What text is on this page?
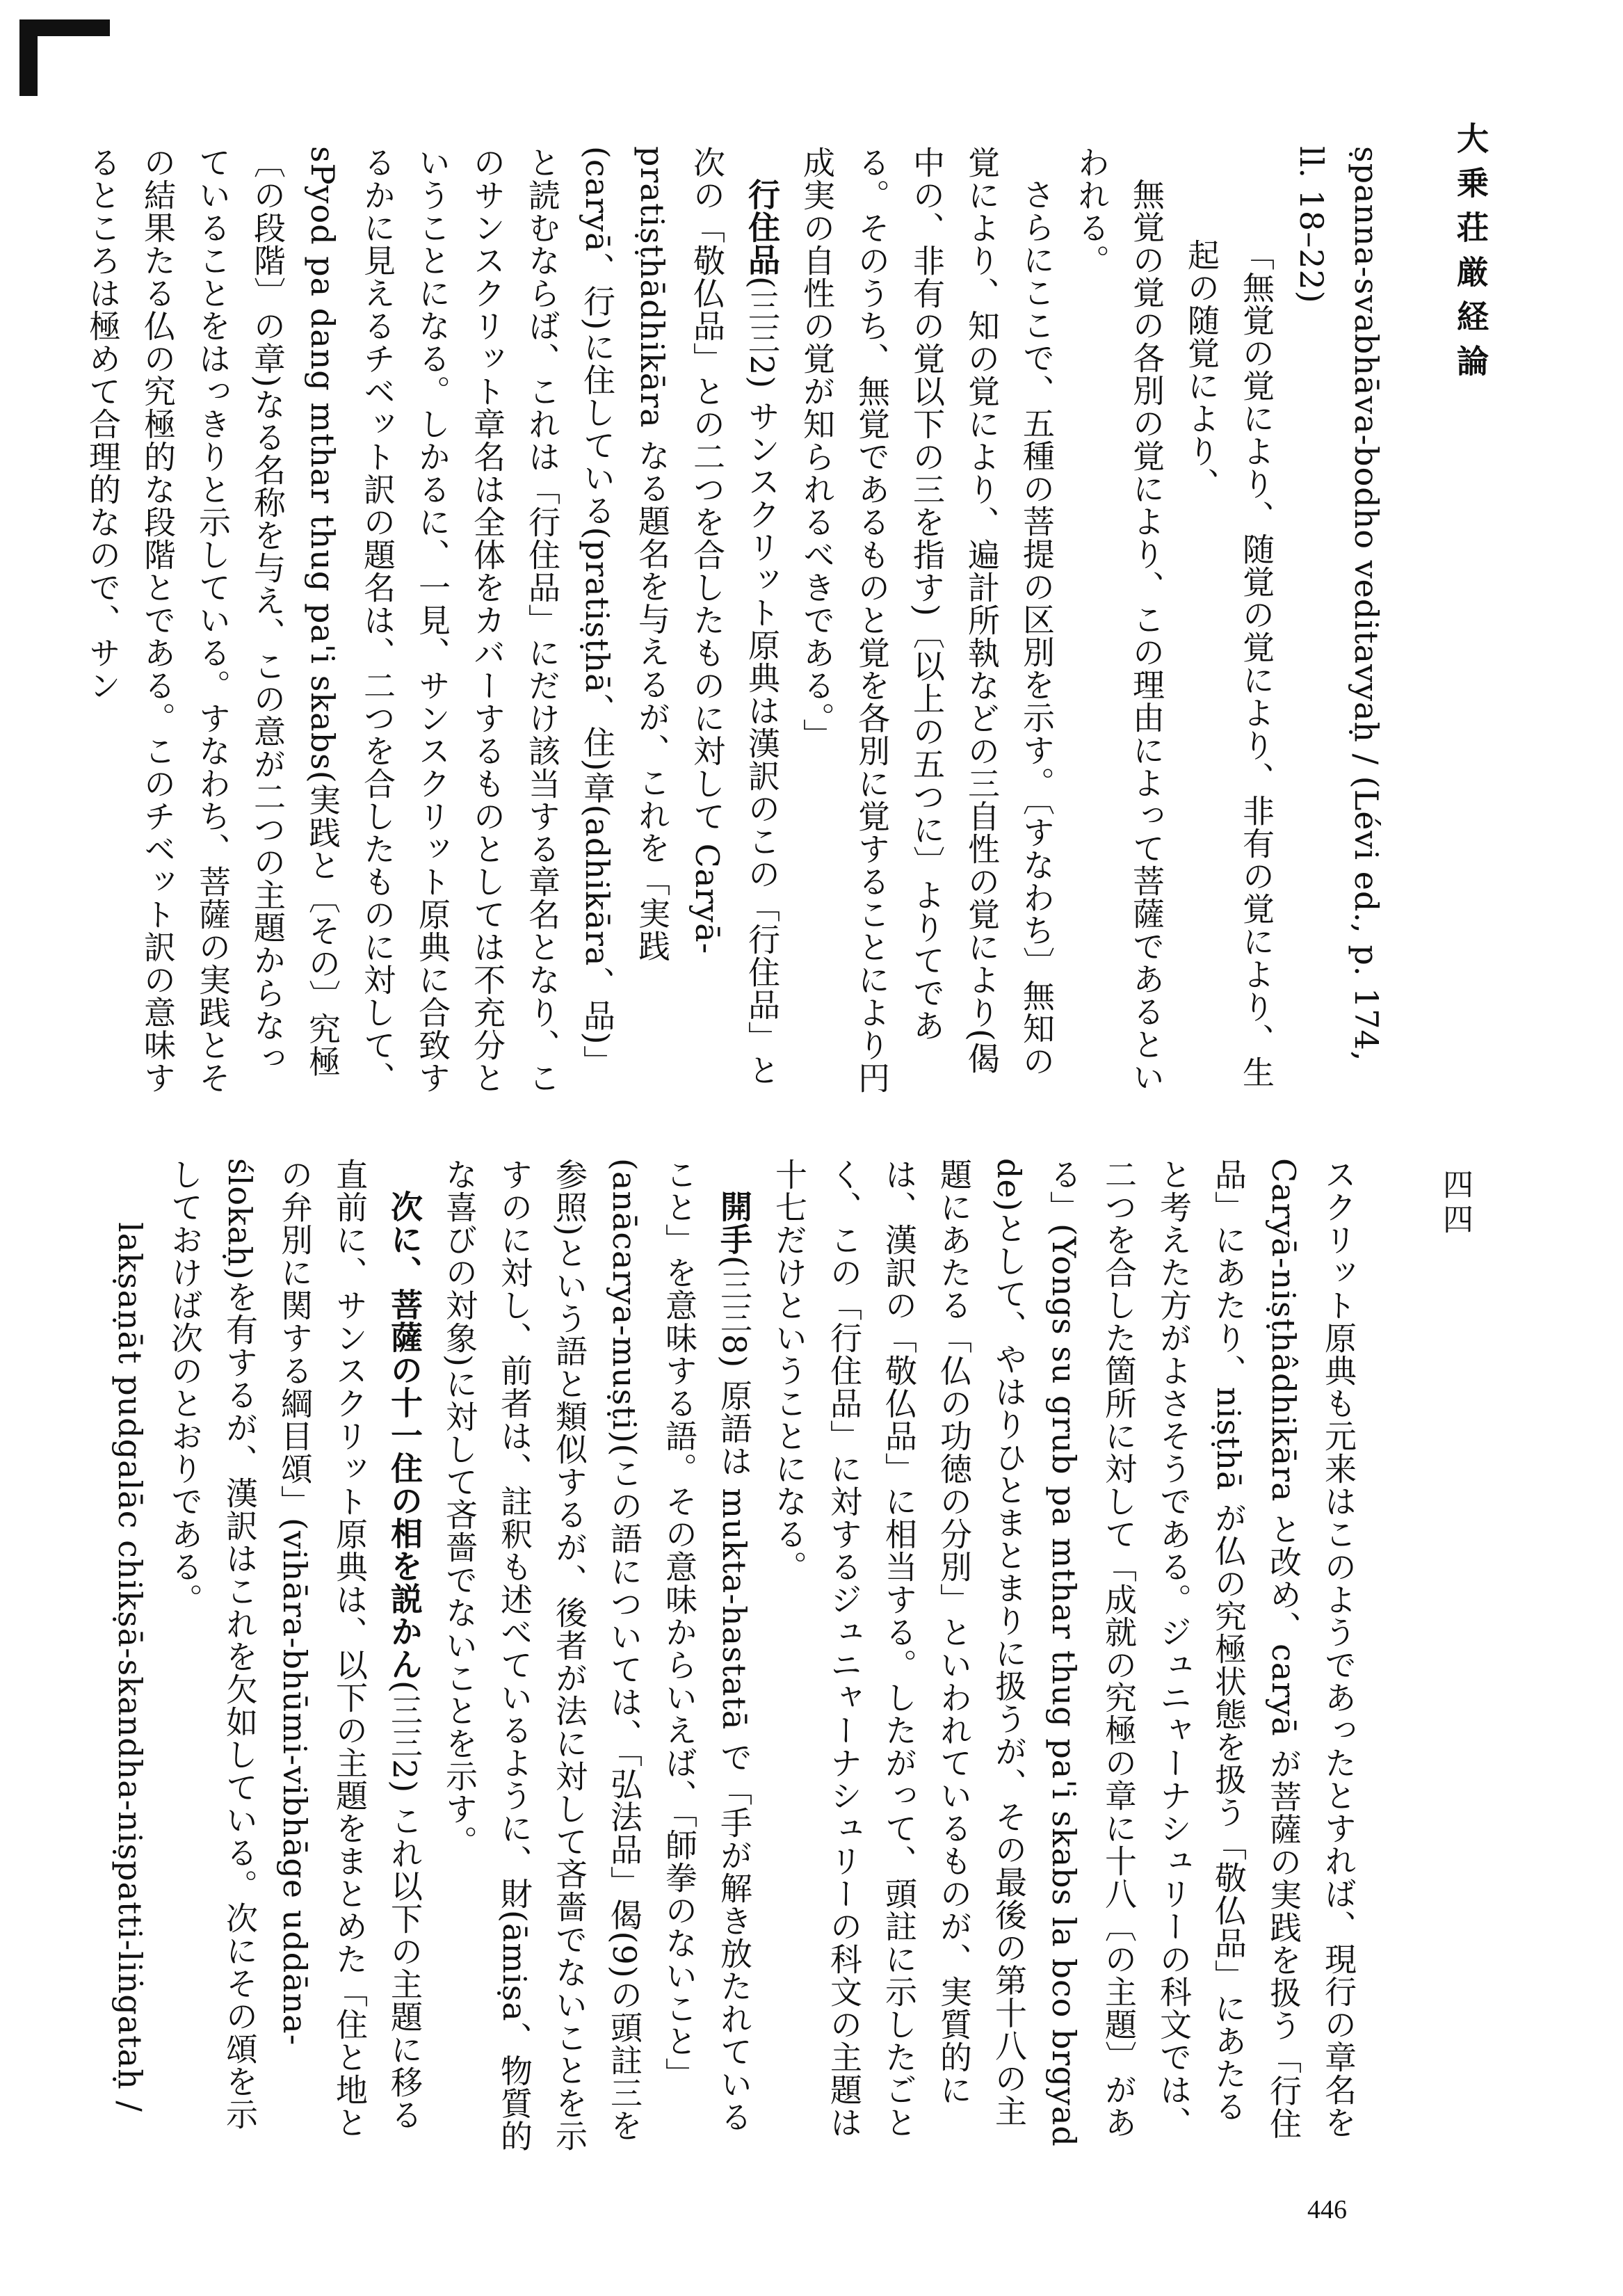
大乗荘厳経論
四四
446

ṣpanna-svabhāva-bodho veditavyaḥ / (Lévi ed., p. 174, ll. 18–22)

「無覚の覚により、随覚の覚により、非有の覚により、生起の随覚により、

無覚の覚の各別の覚により、この理由によって菩薩であるといわれる。

さらにここで、五種の菩提の区別を示す。〔すなわち〕無知の覚により、知の覚により、遍計所執などの三自性の覚により(偈中の、非有の覚以下の三を指す)〔以上の五つに〕よりてである。そのうち、無覚であるものと覚を各別に覚することにより円成実の自性の覚が知られるべきである。」

行住品(三三2) サンスクリット原典は漢訳のこの「行住品」と次の「敬仏品」との二つを合したものに対して Caryā-pratiṣṭhādhikāra なる題名を与えるが、これを「実践(caryā、行)に住している(pratiṣṭhā、住)章(adhikāra、品)」と読むならば、これは「行住品」にだけ該当する章名となり、このサンスクリット章名は全体をカバーするものとしては不充分ということになる。しかるに、一見、サンスクリット原典に合致するかに見えるチベット訳の題名は、二つを合したものに対して、sPyod pa dang mthar thug pa'i skabs(実践と〔その〕究極〔の段階〕の章)なる名称を与え、この意が二つの主題からなっていることをはっきりと示している。すなわち、菩薩の実践とその結果たる仏の究極的な段階とである。このチベット訳の意味するところは極めて合理的なので、サン

スクリット原典も元来はこのようであったとすれば、現行の章名を Caryā-niṣṭhâdhikāra と改め、caryā が菩薩の実践を扱う「行住品」にあたり、niṣṭhā が仏の究極状態を扱う「敬仏品」にあたると考えた方がよさそうである。ジュニャーナシュリーの科文では、二つを合した箇所に対して「成就の究極の章に十八〔の主題〕がある」(Yongs su grub pa mthar thug pa'i skabs la bco brgyad de)として、やはりひとまとまりに扱うが、その最後の第十八の主題にあたる「仏の功徳の分別」といわれているものが、実質的には、漢訳の「敬仏品」に相当する。したがって、頭註に示したごとく、この「行住品」に対するジュニャーナシュリーの科文の主題は十七だけということになる。

開手(三三8) 原語は mukta-hastatā で「手が解き放たれていること」を意味する語。その意味からいえば、「師拳のないこと」(anācarya-muṣṭi)(この語については、「弘法品」偈(9)の頭註三を参照)という語と類似するが、後者が法に対して吝嗇でないことを示すのに対し、前者は、註釈も述べているように、財(āmiṣa、物質的な喜びの対象)に対して吝嗇でないことを示す。

次に、菩薩の十一住の相を説かん(三三2) これ以下の主題に移る直前に、サンスクリット原典は、以下の主題をまとめた「住と地との弁別に関する綱目頌」(vihāra-bhūmi-vibhāge uddāna-ślokaḥ)を有するが、漢訳はこれを欠如している。次にその頌を示しておけば次のとおりである。

lakṣaṇāt pudgalāc chikṣā-skandha-niṣpatti-liṅgataḥ /
